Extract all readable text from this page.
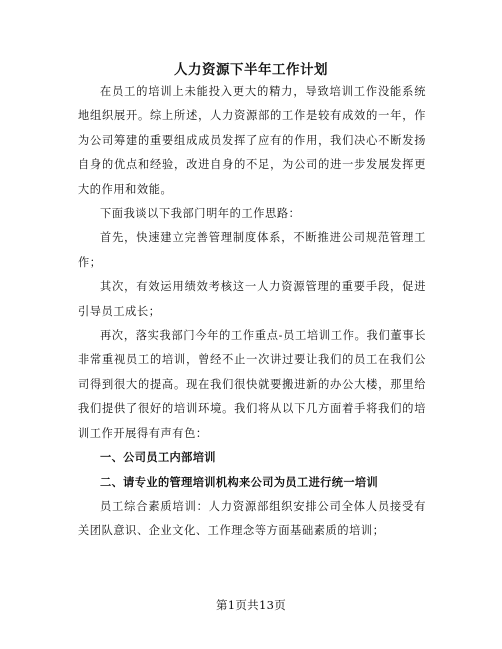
人力资源下半年工作计划

在员工的培训上未能投入更大的精力，导致培训工作没能系统地组织展开。综上所述，人力资源部的工作是较有成效的一年，作为公司筹建的重要组成成员发挥了应有的作用，我们决心不断发扬自身的优点和经验，改进自身的不足，为公司的进一步发展发挥更大的作用和效能。

下面我谈以下我部门明年的工作思路：

首先，快速建立完善管理制度体系，不断推进公司规范管理工作；

其次，有效运用绩效考核这一人力资源管理的重要手段，促进引导员工成长；

再次，落实我部门今年的工作重点-员工培训工作。我们董事长非常重视员工的培训，曾经不止一次讲过要让我们的员工在我们公司得到很大的提高。现在我们很快就要搬进新的办公大楼，那里给我们提供了很好的培训环境。我们将从以下几方面着手将我们的培训工作开展得有声有色：

一、公司员工内部培训

二、请专业的管理培训机构来公司为员工进行统一培训

员工综合素质培训：人力资源部组织安排公司全体人员接受有关团队意识、企业文化、工作理念等方面基础素质的培训；

第1页共13页
